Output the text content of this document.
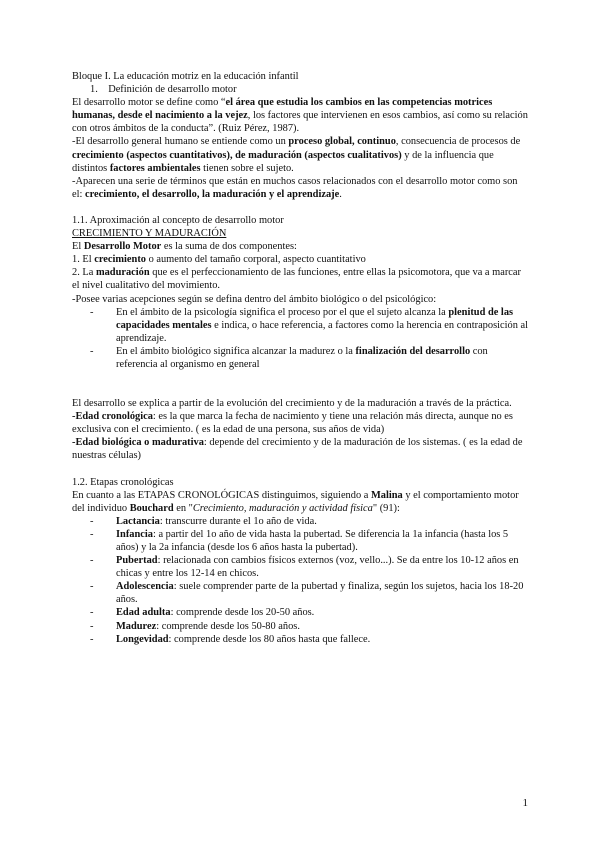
Bloque I. La educación motriz en la educación infantil
1. Definición de desarrollo motor
El desarrollo motor se define como “el área que estudia los cambios en las competencias motrices humanas, desde el nacimiento a la vejez, los factores que intervienen en esos cambios, así como su relación con otros ámbitos de la conducta”. (Ruiz Pérez, 1987).
-El desarrollo general humano se entiende como un proceso global, continuo, consecuencia de procesos de crecimiento (aspectos cuantitativos), de maduración (aspectos cualitativos) y de la influencia que distintos factores ambientales tienen sobre el sujeto.
-Aparecen una serie de términos que están en muchos casos relacionados con el desarrollo motor como son el: crecimiento, el desarrollo, la maduración y el aprendizaje.
1.1. Aproximación al concepto de desarrollo motor
CRECIMIENTO Y MADURACIÓN
El Desarrollo Motor es la suma de dos componentes:
1. El crecimiento o aumento del tamaño corporal, aspecto cuantitativo
2. La maduración que es el perfeccionamiento de las funciones, entre ellas la psicomotora, que va a marcar el nivel cualitativo del movimiento.
-Posee varias acepciones según se defina dentro del ámbito biológico o del psicológico:
- En el ámbito de la psicología significa el proceso por el que el sujeto alcanza la plenitud de las capacidades mentales e indica, o hace referencia, a factores como la herencia en contraposición al aprendizaje.
- En el ámbito biológico significa alcanzar la madurez o la finalización del desarrollo con referencia al organismo en general
El desarrollo se explica a partir de la evolución del crecimiento y de la maduración a través de la práctica.
-Edad cronológica: es la que marca la fecha de nacimiento y tiene una relación más directa, aunque no es exclusiva con el crecimiento. ( es la edad de una persona, sus años de vida)
-Edad biológica o madurativa: depende del crecimiento y de la maduración de los sistemas. ( es la edad de nuestras células)
1.2. Etapas cronológicas
En cuanto a las ETAPAS CRONOLÓGICAS distinguimos, siguiendo a Malina y el comportamiento motor del individuo Bouchard en "Crecimiento, maduración y actividad física" (91):
- Lactancia: transcurre durante el 1o año de vida.
- Infancia: a partir del 1o año de vida hasta la pubertad. Se diferencia la 1a infancia (hasta los 5 años) y la 2a infancia (desde los 6 años hasta la pubertad).
- Pubertad: relacionada con cambios físicos externos (voz, vello...). Se da entre los 10-12 años en chicas y entre los 12-14 en chicos.
- Adolescencia: suele comprender parte de la pubertad y finaliza, según los sujetos, hacia los 18-20 años.
- Edad adulta: comprende desde los 20-50 años.
- Madurez: comprende desde los 50-80 años.
- Longevidad: comprende desde los 80 años hasta que fallece.
1
